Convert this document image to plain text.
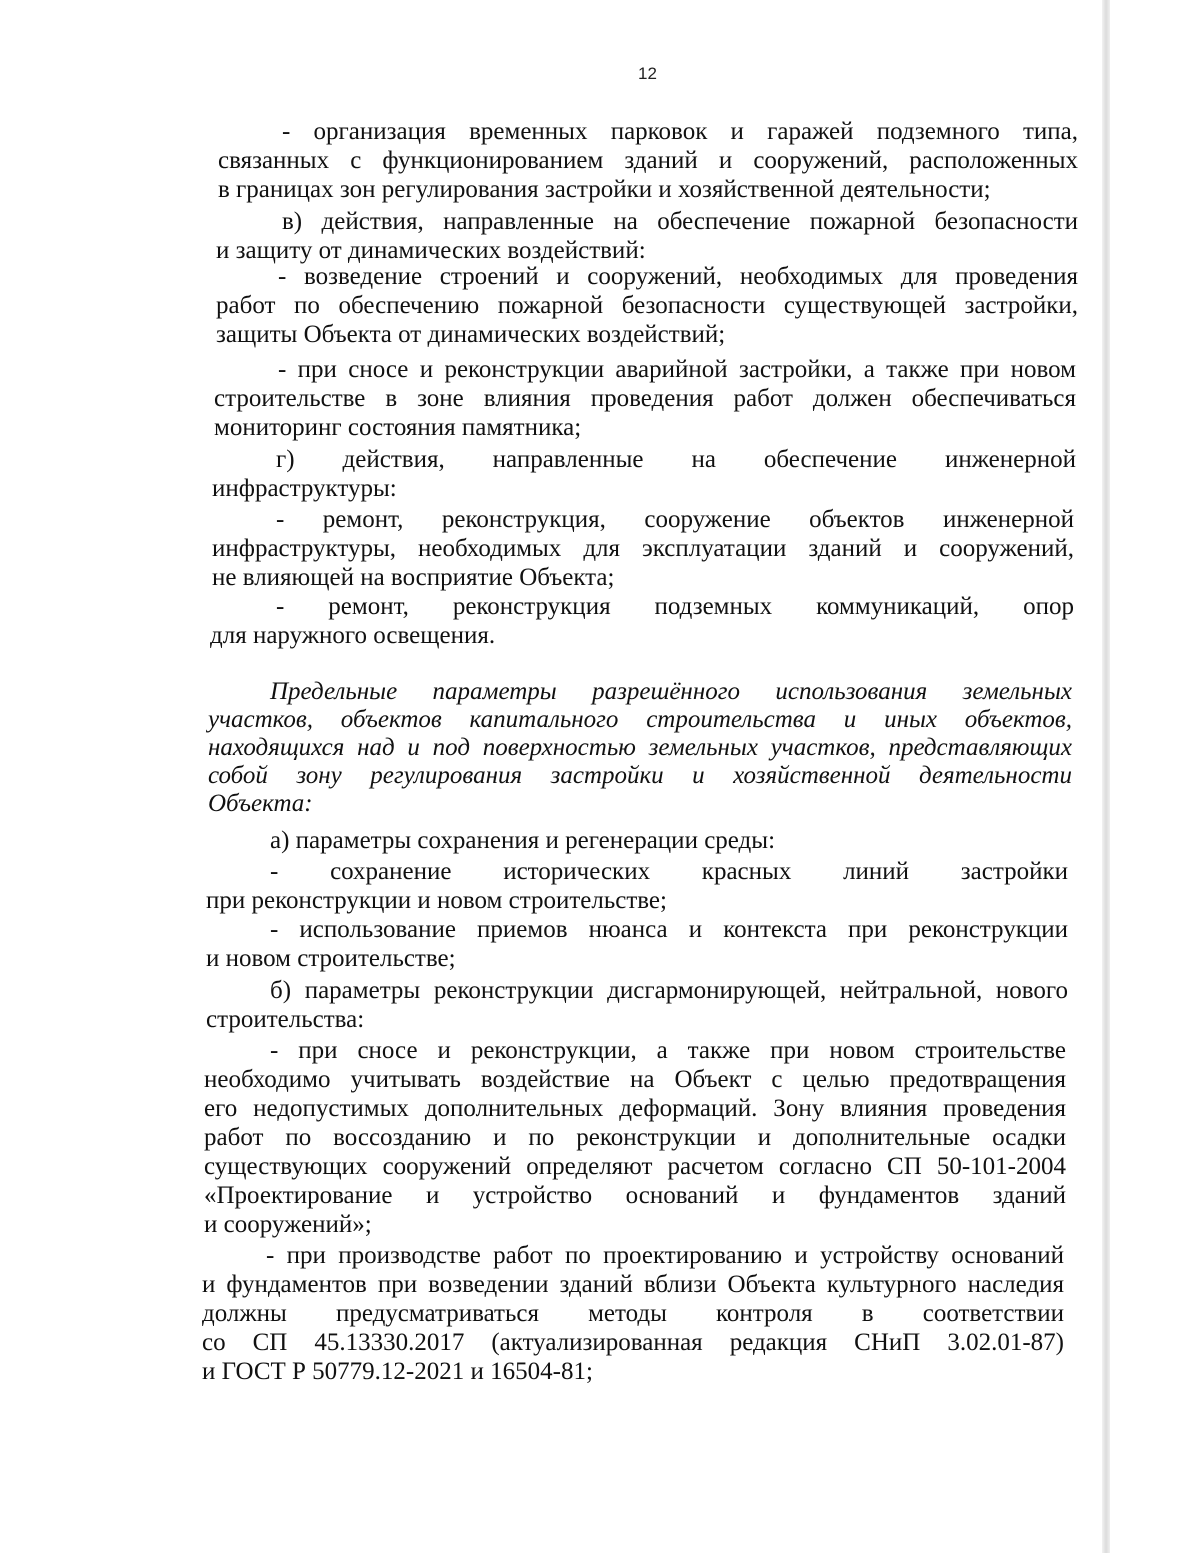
12
- организация временных парковок и гаражей подземного типа,
связанных с функционированием зданий и сооружений, расположенных
в границах зон регулирования застройки и хозяйственной деятельности;
в) действия, направленные на обеспечение пожарной безопасности
и защиту от динамических воздействий:
- возведение строений и сооружений, необходимых для проведения
работ по обеспечению пожарной безопасности существующей застройки,
защиты Объекта от динамических воздействий;
- при сносе и реконструкции аварийной застройки, а также при новом
строительстве в зоне влияния проведения работ должен обеспечиваться
мониторинг состояния памятника;
г) действия, направленные на обеспечение инженерной
инфраструктуры:
- ремонт, реконструкция, сооружение объектов инженерной
инфраструктуры, необходимых для эксплуатации зданий и сооружений,
не влияющей на восприятие Объекта;
- ремонт, реконструкция подземных коммуникаций, опор
для наружного освещения.
Предельные параметры разрешённого использования земельных
участков, объектов капитального строительства и иных объектов,
находящихся над и под поверхностью земельных участков, представляющих
собой зону регулирования застройки и хозяйственной деятельности
Объекта:
а) параметры сохранения и регенерации среды:
- сохранение исторических красных линий застройки
при реконструкции и новом строительстве;
- использование приемов нюанса и контекста при реконструкции
и новом строительстве;
б) параметры реконструкции дисгармонирующей, нейтральной, нового
строительства:
- при сносе и реконструкции, а также при новом строительстве
необходимо учитывать воздействие на Объект с целью предотвращения
его недопустимых дополнительных деформаций. Зону влияния проведения
работ по воссозданию и по реконструкции и дополнительные осадки
существующих сооружений определяют расчетом согласно СП 50-101-2004
«Проектирование и устройство оснований и фундаментов зданий
и сооружений»;
- при производстве работ по проектированию и устройству оснований
и фундаментов при возведении зданий вблизи Объекта культурного наследия
должны предусматриваться методы контроля в соответствии
со СП 45.13330.2017 (актуализированная редакция СНиП 3.02.01-87)
и ГОСТ Р 50779.12-2021 и 16504-81;
